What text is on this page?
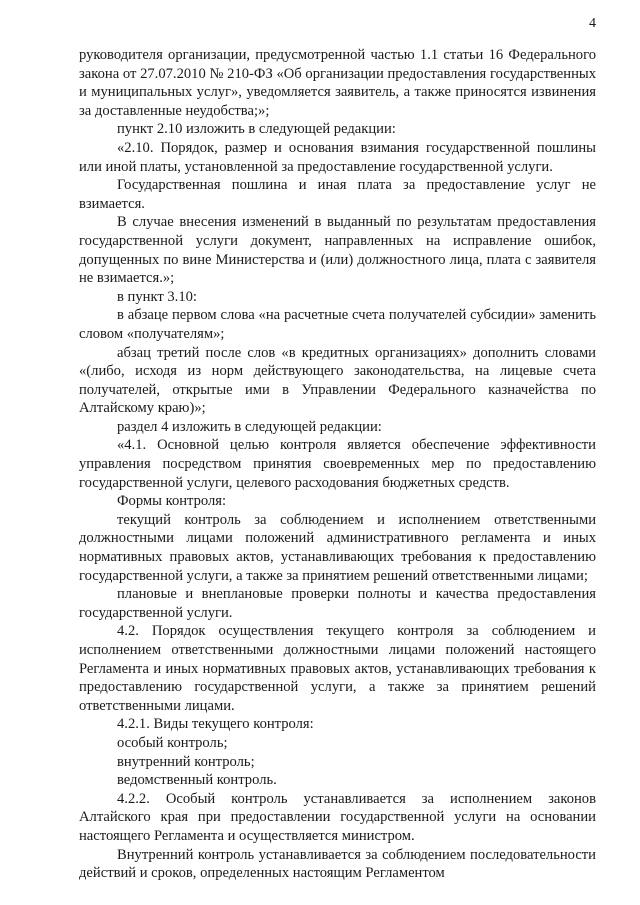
4

руководителя организации, предусмотренной частью 1.1 статьи 16 Федерального закона от 27.07.2010 № 210-ФЗ «Об организации предоставления государственных и муниципальных услуг», уведомляется заявитель, а также приносятся извинения за доставленные неудобства;»;

пункт 2.10 изложить в следующей редакции:

«2.10. Порядок, размер и основания взимания государственной пошлины или иной платы, установленной за предоставление государственной услуги.

Государственная пошлина и иная плата за предоставление услуг не взимается.

В случае внесения изменений в выданный по результатам предоставления государственной услуги документ, направленных на исправление ошибок, допущенных по вине Министерства и (или) должностного лица, плата с заявителя не взимается.»;

в пункт 3.10:

в абзаце первом слова «на расчетные счета получателей субсидии» заменить словом «получателям»;

абзац третий после слов «в кредитных организациях» дополнить словами «(либо, исходя из норм действующего законодательства, на лицевые счета получателей, открытые ими в Управлении Федерального казначейства по Алтайскому краю)»;

раздел 4 изложить в следующей редакции:

«4.1. Основной целью контроля является обеспечение эффективности управления посредством принятия своевременных мер по предоставлению государственной услуги, целевого расходования бюджетных средств.

Формы контроля:

текущий контроль за соблюдением и исполнением ответственными должностными лицами положений административного регламента и иных нормативных правовых актов, устанавливающих требования к предоставлению государственной услуги, а также за принятием решений ответственными лицами;

плановые и внеплановые проверки полноты и качества предоставления государственной услуги.

4.2. Порядок осуществления текущего контроля за соблюдением и исполнением ответственными должностными лицами положений настоящего Регламента и иных нормативных правовых актов, устанавливающих требования к предоставлению государственной услуги, а также за принятием решений ответственными лицами.

4.2.1. Виды текущего контроля:

особый контроль;

внутренний контроль;

ведомственный контроль.

4.2.2. Особый контроль устанавливается за исполнением законов Алтайского края при предоставлении государственной услуги на основании настоящего Регламента и осуществляется министром.

Внутренний контроль устанавливается за соблюдением последовательности действий и сроков, определенных настоящим Регламентом
